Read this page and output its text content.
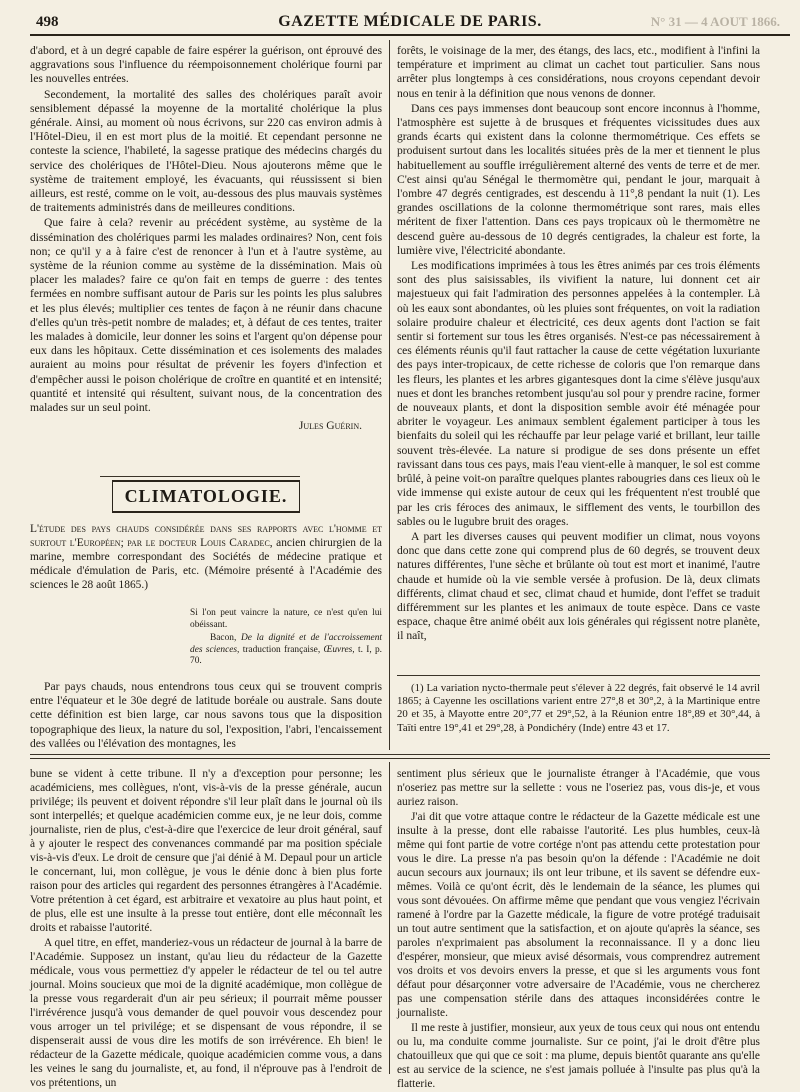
498	GAZETTE MÉDICALE DE PARIS.	N° 31 — 4 AOUT 1866.

d'abord, et à un degré capable de faire espérer la guérison, ont éprouvé des aggravations sous l'influence du réempoisonnement cholérique fourni par les nouvelles entrées.

Secondement, la mortalité des salles des cholériques paraît avoir sensiblement dépassé la moyenne de la mortalité cholérique la plus générale. Ainsi, au moment où nous écrivons, sur 220 cas environ admis à l'Hôtel-Dieu, il en est mort plus de la moitié. Et cependant personne ne conteste la science, l'habileté, la sagesse pratique des médecins chargés du service des cholériques de l'Hôtel-Dieu. Nous ajouterons même que le système de traitement employé, les évacuants, qui réussissent si bien ailleurs, est resté, comme on le voit, au-dessous des plus mauvais systèmes de traitements administrés dans de meilleures conditions.

Que faire à cela? revenir au précédent système, au système de la dissémination des cholériques parmi les malades ordinaires? Non, cent fois non; ce qu'il y a à faire c'est de renoncer à l'un et à l'autre système, au système de la réunion comme au système de la dissémination. Mais où placer les malades? faire ce qu'on fait en temps de guerre : des tentes fermées en nombre suffisant autour de Paris sur les points les plus salubres et les plus élevés; multiplier ces tentes de façon à ne réunir dans chacune d'elles qu'un très-petit nombre de malades; et, à défaut de ces tentes, traiter les malades à domicile, leur donner les soins et l'argent qu'on dépense pour eux dans les hôpitaux. Cette dissémination et ces isolements des malades auraient au moins pour résultat de prévenir les foyers d'infection et d'empêcher aussi le poison cholérique de croître en quantité et en intensité; quantité et intensité qui résultent, suivant nous, de la concentration des malades sur un seul point.

Jules Guérin.
CLIMATOLOGIE.
L'étude des pays chauds considérée dans ses rapports avec l'homme et surtout l'Européen; par le docteur Louis Caradec, ancien chirurgien de la marine, membre correspondant des Sociétés de médecine pratique et médicale d'émulation de Paris, etc. (Mémoire présenté à l'Académie des sciences le 28 août 1865.)

Si l'on peut vaincre la nature, ce n'est qu'en lui obéissant.

Bacon, De la dignité et de l'accroissement des sciences, traduction française, Œuvres, t. I, p. 70.

Par pays chauds, nous entendrons tous ceux qui se trouvent compris entre l'équateur et le 30e degré de latitude boréale ou australe. Sans doute cette définition est bien large, car nous savons tous que la disposition topographique des lieux, la nature du sol, l'exposition, l'abri, l'encaissement des vallées ou l'élévation des montagnes, les

forêts, le voisinage de la mer, des étangs, des lacs, etc., modifient à l'infini la température et impriment au climat un cachet tout particulier. Sans nous arrêter plus longtemps à ces considérations, nous croyons cependant devoir nous en tenir à la définition que nous venons de donner.

Dans ces pays immenses dont beaucoup sont encore inconnus à l'homme, l'atmosphère est sujette à de brusques et fréquentes vicissitudes dues aux grands écarts qui existent dans la colonne thermométrique. Ces effets se produisent surtout dans les localités situées près de la mer et tiennent le plus habituellement au souffle irrégulièrement alterné des vents de terre et de mer. C'est ainsi qu'au Sénégal le thermomètre qui, pendant le jour, marquait à l'ombre 47 degrés centigrades, est descendu à 11°,8 pendant la nuit (1). Les grandes oscillations de la colonne thermométrique sont rares, mais elles méritent de fixer l'attention. Dans ces pays tropicaux où le thermomètre ne descend guère au-dessous de 10 degrés centigrades, la chaleur est forte, la lumière vive, l'électricité abondante.

Les modifications imprimées à tous les êtres animés par ces trois éléments sont des plus saisissables, ils vivifient la nature, lui donnent cet air majestueux qui fait l'admiration des personnes appelées à la contempler. Là où les eaux sont abondantes, où les pluies sont fréquentes, on voit la radiation solaire produire chaleur et électricité, ces deux agents dont l'action se fait sentir si fortement sur tous les êtres organisés. N'est-ce pas nécessairement à ces éléments réunis qu'il faut rattacher la cause de cette végétation luxuriante des pays inter-tropicaux, de cette richesse de coloris que l'on remarque dans les fleurs, les plantes et les arbres gigantesques dont la cime s'élève jusqu'aux nues et dont les branches retombent jusqu'au sol pour y prendre racine, former de nouveaux plants, et dont la disposition semble avoir été ménagée pour abriter le voyageur. Les animaux semblent également participer à tous les bienfaits du soleil qui les réchauffe par leur pelage varié et brillant, leur taille souvent très-élevée. La nature si prodigue de ses dons présente un effet ravissant dans tous ces pays, mais l'eau vient-elle à manquer, le sol est comme brûlé, à peine voit-on paraître quelques plantes rabougries dans ces lieux où le vide immense qui existe autour de ceux qui les fréquentent n'est troublé que par les cris féroces des animaux, le sifflement des vents, le tourbillon des sables ou le lugubre bruit des orages.

A part les diverses causes qui peuvent modifier un climat, nous voyons donc que dans cette zone qui comprend plus de 60 degrés, se trouvent deux natures différentes, l'une sèche et brûlante où tout est mort et inanimé, l'autre chaude et humide où la vie semble versée à profusion. De là, deux climats différents, climat chaud et sec, climat chaud et humide, dont l'effet se traduit différemment sur les plantes et les animaux de toute espèce. Dans ce vaste espace, chaque être animé obéit aux lois générales qui régissent notre planète, il naît,

(1) La variation nycto-thermale peut s'élever à 22 degrés, fait observé le 14 avril 1865; à Cayenne les oscillations varient entre 27°,8 et 30°,2, à la Martinique entre 20 et 35, à Mayotte entre 20°,77 et 29°,52, à la Réunion entre 18°,89 et 30°,44, à Taïti entre 19°,41 et 29°,28, à Pondichéry (Inde) entre 43 et 17.

bune se vident à cette tribune. Il n'y a d'exception pour personne; les académiciens, mes collègues, n'ont, vis-à-vis de la presse générale, aucun privilége; ils peuvent et doivent répondre s'il leur plaît dans le journal où ils sont interpellés; et quelque académicien comme eux, je ne leur dois, comme journaliste, rien de plus, c'est-à-dire que l'exercice de leur droit général, sauf à y ajouter le respect des convenances commandé par ma position spéciale vis-à-vis d'eux. Le droit de censure que j'ai dénié à M. Depaul pour un article le concernant, lui, mon collègue, je vous le dénie donc à bien plus forte raison pour des articles qui regardent des personnes étrangères à l'Académie. Votre prétention à cet égard, est arbitraire et vexatoire au plus haut point, et de plus, elle est une insulte à la presse tout entière, dont elle méconnaît les droits et rabaisse l'autorité.

A quel titre, en effet, manderiez-vous un rédacteur de journal à la barre de l'Académie. Supposez un instant, qu'au lieu du rédacteur de la Gazette médicale, vous vous permettiez d'y appeler le rédacteur de tel ou tel autre journal. Moins soucieux que moi de la dignité académique, mon collègue de la presse vous regarderait d'un air peu sérieux; il pourrait même pousser l'irrévérence jusqu'à vous demander de quel pouvoir vous descendez pour vous arroger un tel privilége; et se dispensant de vous répondre, il se dispenserait aussi de vous dire les motifs de son irrévérence. Eh bien! le rédacteur de la Gazette médicale, quoique académicien comme vous, a dans les veines le sang du journaliste, et, au fond, il n'éprouve pas à l'endroit de vos prétentions, un

sentiment plus sérieux que le journaliste étranger à l'Académie, que vous n'oseriez pas mettre sur la sellette : vous ne l'oseriez pas, vous dis-je, et vous auriez raison.

J'ai dit que votre attaque contre le rédacteur de la Gazette médicale est une insulte à la presse, dont elle rabaisse l'autorité. Les plus humbles, ceux-là même qui font partie de votre cortége n'ont pas attendu cette protestation pour vous le dire. La presse n'a pas besoin qu'on la défende : l'Académie ne doit aucun secours aux journaux; ils ont leur tribune, et ils savent se défendre eux-mêmes. Voilà ce qu'ont écrit, dès le lendemain de la séance, les plumes qui vous sont dévouées. On affirme même que pendant que vous vengiez l'écrivain ramené à l'ordre par la Gazette médicale, la figure de votre protégé traduisait un tout autre sentiment que la satisfaction, et on ajoute qu'après la séance, ses paroles n'exprimaient pas absolument la reconnaissance. Il y a donc lieu d'espérer, monsieur, que mieux avisé désormais, vous comprendrez autrement vos droits et vos devoirs envers la presse, et que si les arguments vous font défaut pour désarçonner votre adversaire de l'Académie, vous ne chercherez pas une compensation stérile dans des attaques inconsidérées contre le journaliste.

Il me reste à justifier, monsieur, aux yeux de tous ceux qui nous ont entendu ou lu, ma conduite comme journaliste. Sur ce point, j'ai le droit d'être plus chatouilleux que qui que ce soit : ma plume, depuis bientôt quarante ans qu'elle est au service de la science, ne s'est jamais polluée à l'insulte pas plus qu'à la flatterie.
